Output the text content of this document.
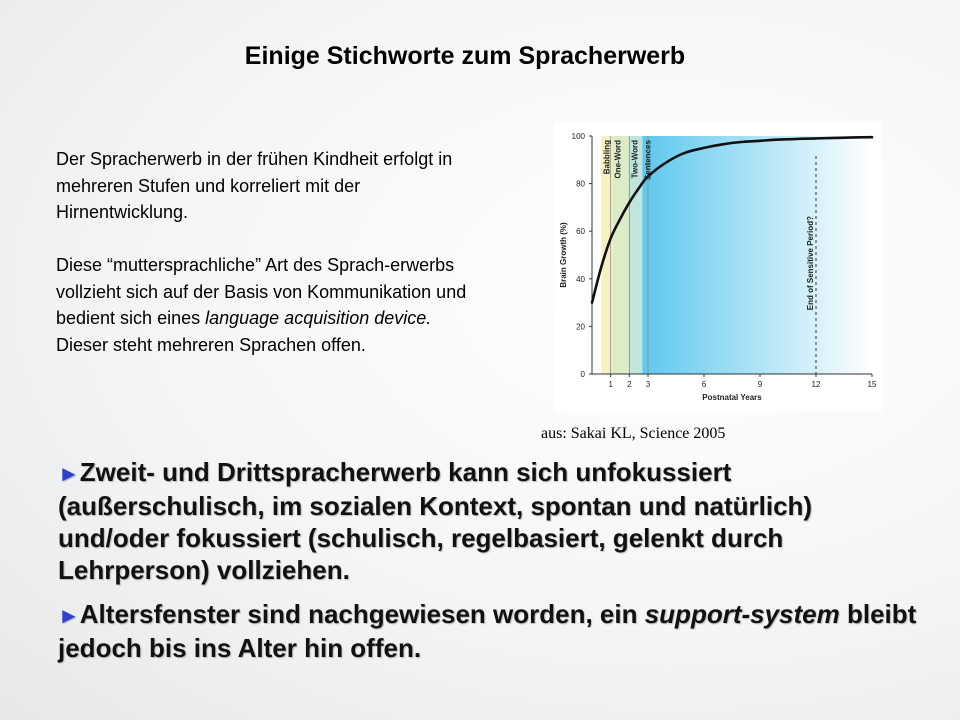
Einige Stichworte zum Spracherwerb

Der Spracherwerb in der frühen Kindheit erfolgt in mehreren Stufen und korreliert mit der Hirnentwicklung.

Diese “muttersprachliche” Art des Sprach-erwerbs vollzieht sich auf der Basis von Kommunikation und bedient sich eines language acquisition device. Dieser steht mehreren Sprachen offen.

0
20
40
60
80
100
1 2 3	6	9	12	15
Postnatal Years
Brain Growth (%)
Babbling One-Word Two-Word Sentences
End of Sensitive Period?
aus: Sakai KL, Science 2005
►Zweit- und Drittspracherwerb kann sich unfokussiert (außerschulisch, im sozialen Kontext, spontan und natürlich) und/oder fokussiert (schulisch, regelbasiert, gelenkt durch Lehrperson) vollziehen.
►Altersfenster sind nachgewiesen worden, ein support-system bleibt jedoch bis ins Alter hin offen.
